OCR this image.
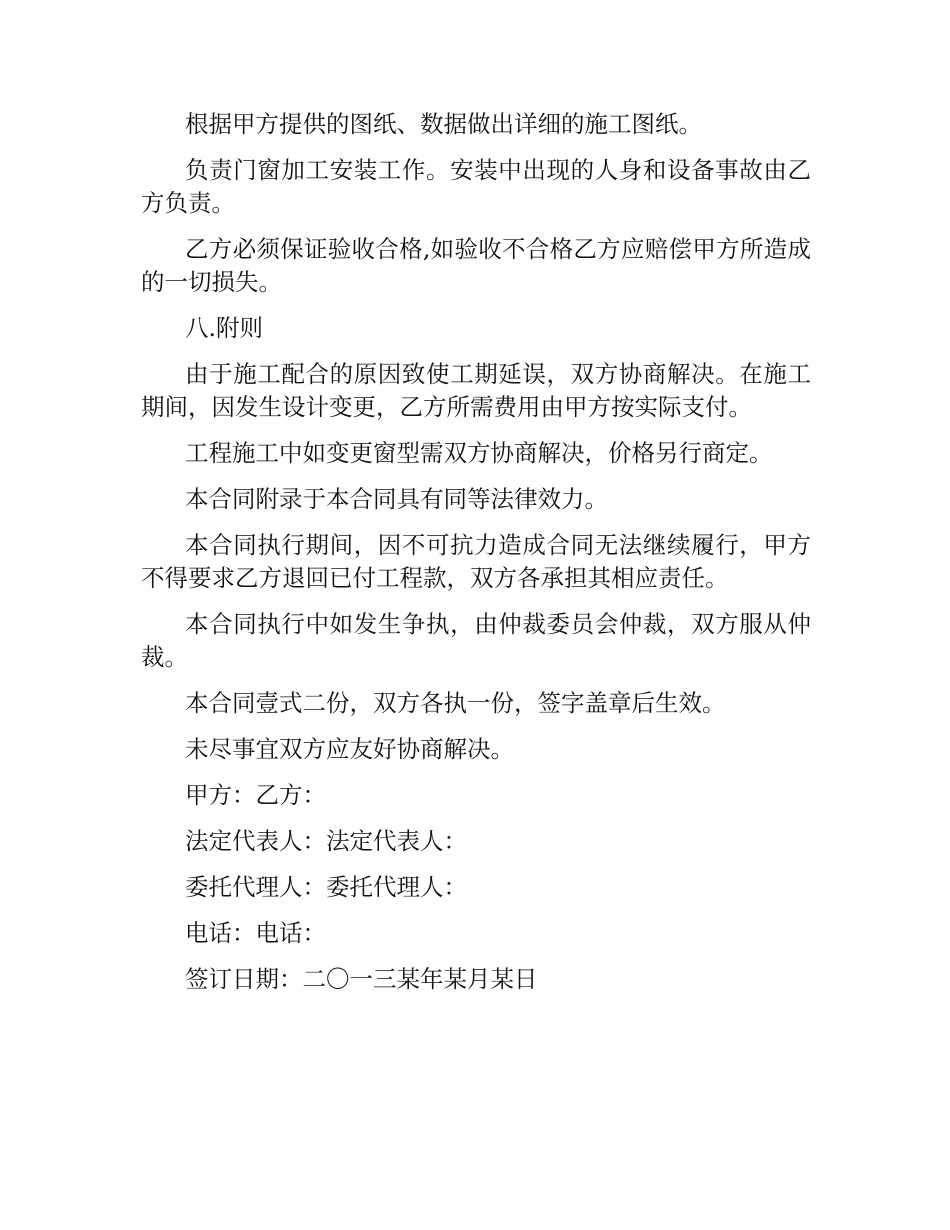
根据甲方提供的图纸、数据做出详细的施工图纸。

负责门窗加工安装工作。安装中出现的人身和设备事故由乙方负责。

乙方必须保证验收合格,如验收不合格乙方应赔偿甲方所造成的一切损失。

八.附则

由于施工配合的原因致使工期延误，双方协商解决。在施工期间，因发生设计变更，乙方所需费用由甲方按实际支付。

工程施工中如变更窗型需双方协商解决，价格另行商定。

本合同附录于本合同具有同等法律效力。

本合同执行期间，因不可抗力造成合同无法继续履行，甲方不得要求乙方退回已付工程款，双方各承担其相应责任。

本合同执行中如发生争执，由仲裁委员会仲裁，双方服从仲裁。

本合同壹式二份，双方各执一份，签字盖章后生效。

未尽事宜双方应友好协商解决。

甲方：乙方：

法定代表人：法定代表人：

委托代理人：委托代理人：

电话：电话：

签订日期：二〇一三某年某月某日
